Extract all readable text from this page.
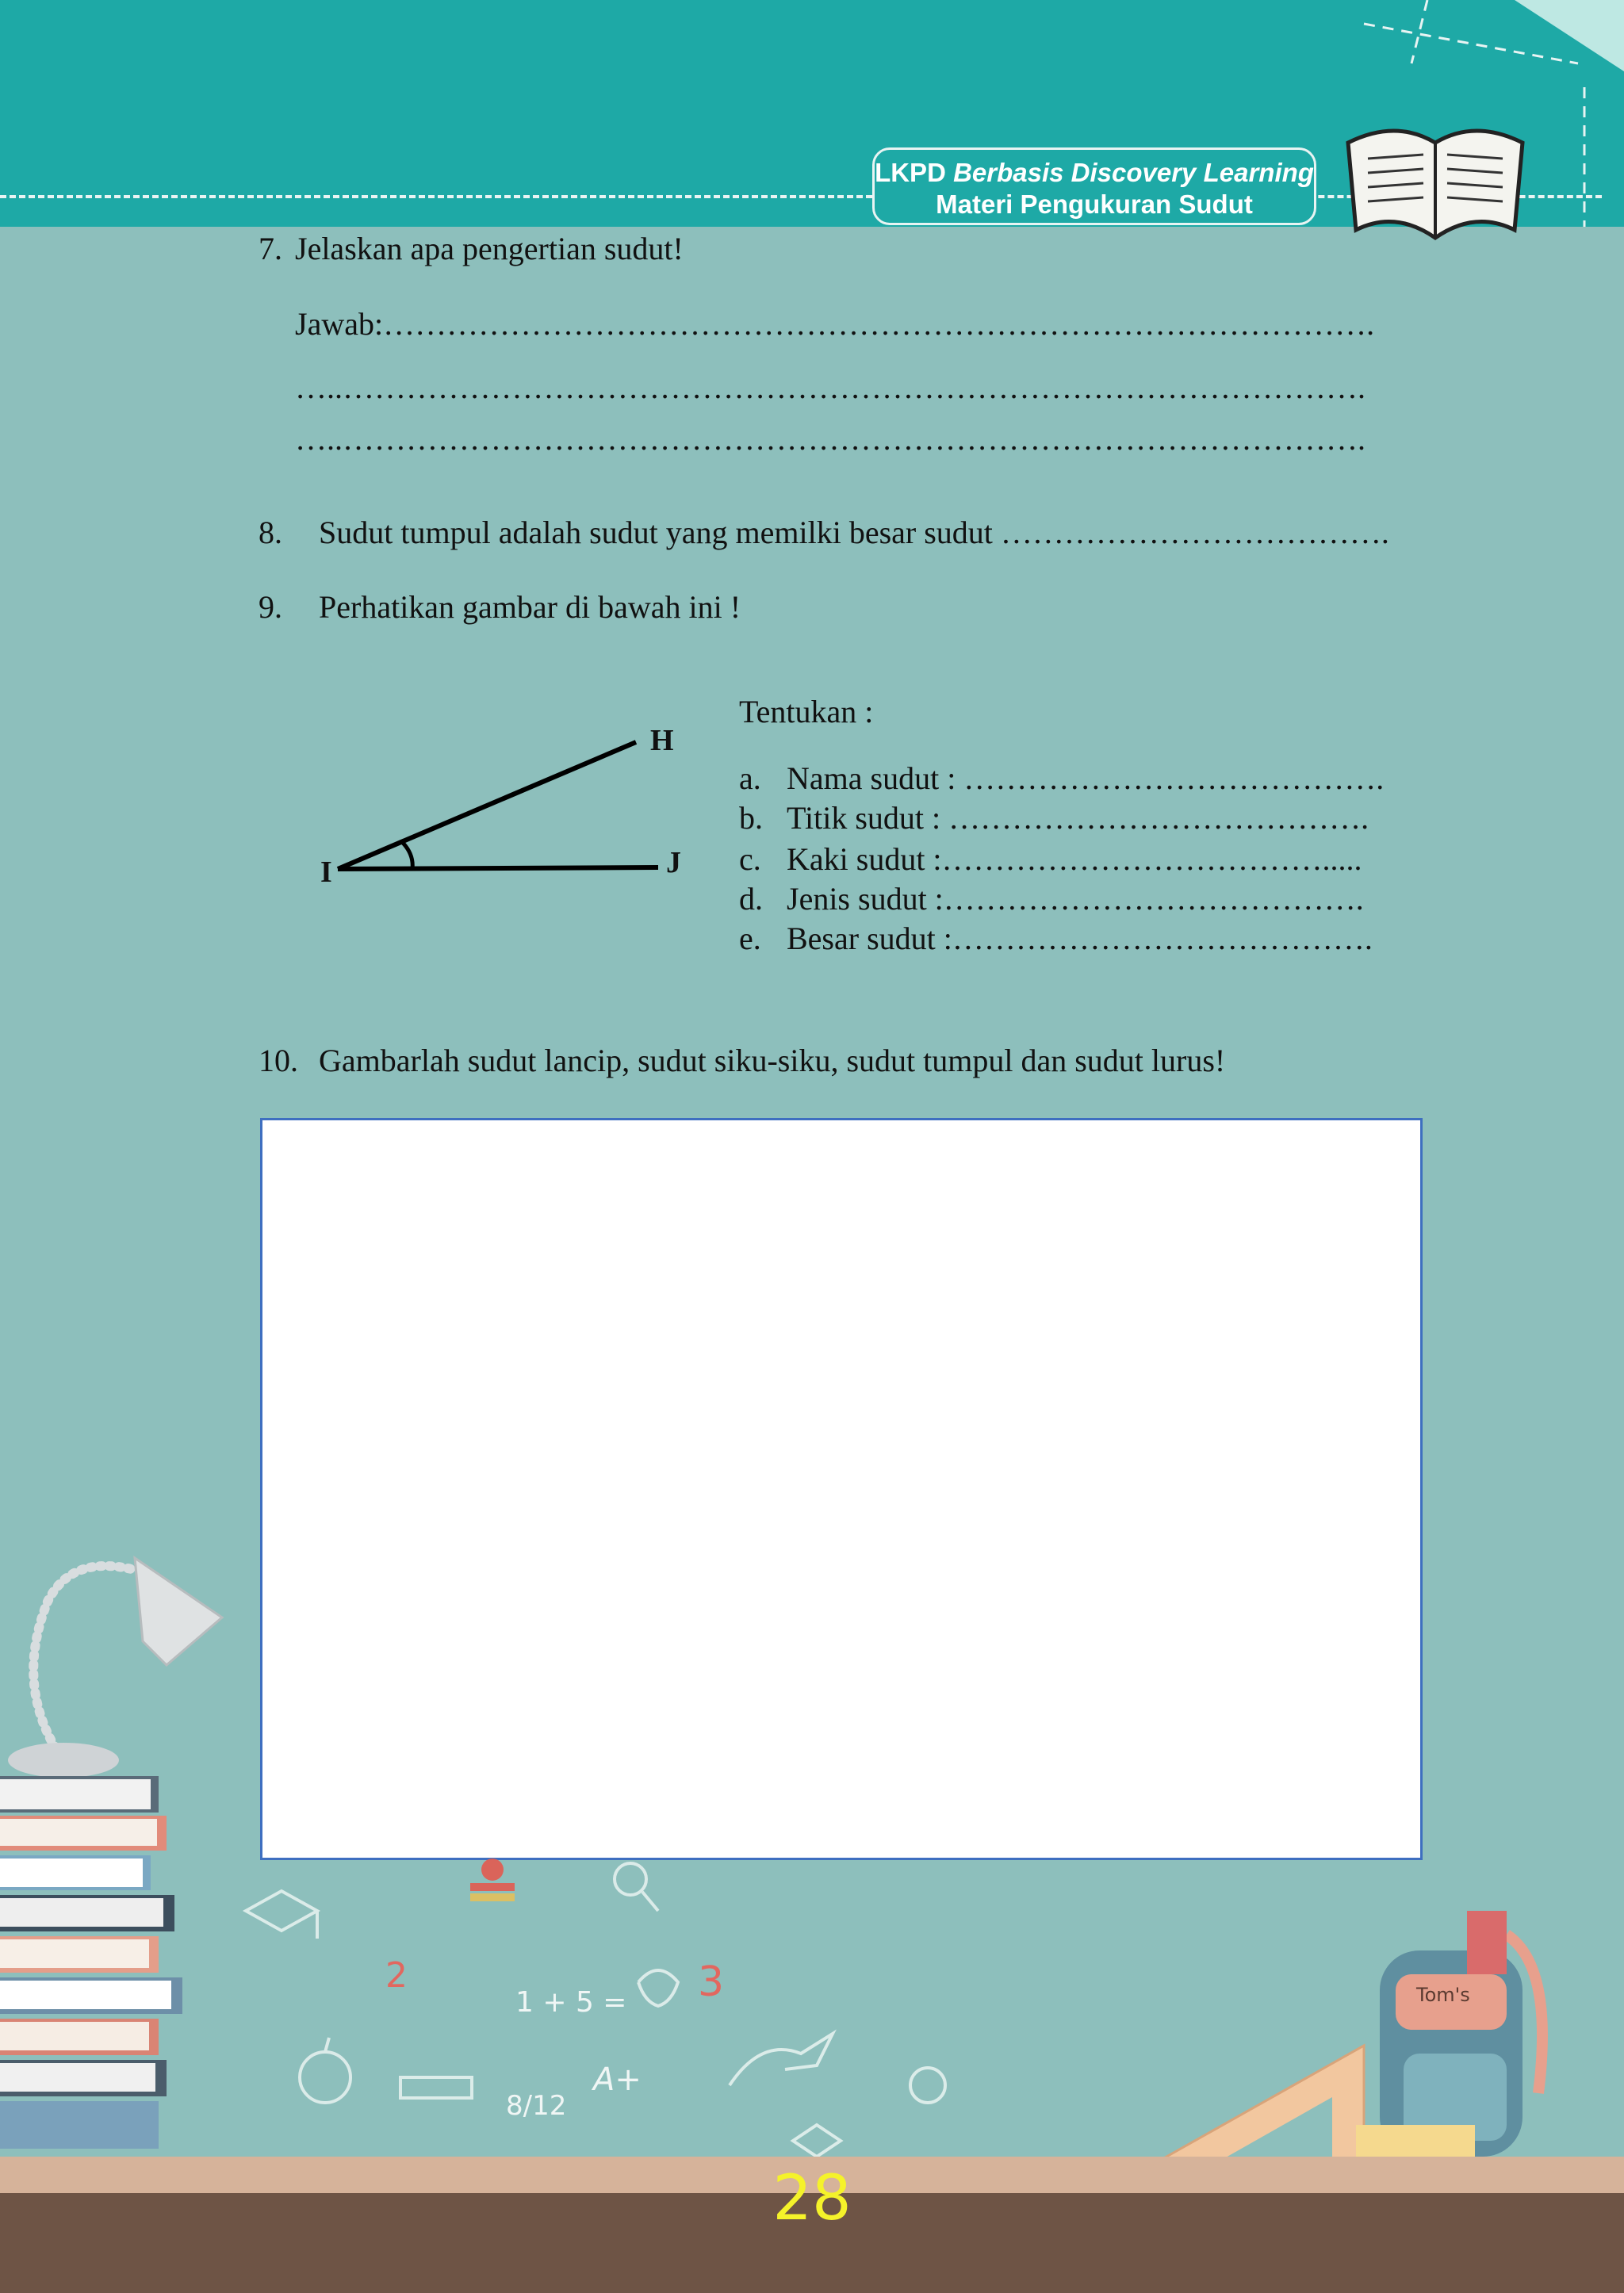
LKPD Berbasis Discovery Learning
Materi Pengukuran Sudut
7. Jelaskan apa pengertian sudut!
Jawab:………………………………………………………………………………….
…..…………………………………………………………………………………….
…..…………………………………………………………………………………….
8. Sudut tumpul adalah sudut yang memilki besar sudut ……………………………….
9. Perhatikan gambar di bawah ini !
H
I	J
Tentukan :
a. Nama sudut : ………………………………….
b. Titik sudut : ………………………………….
c. Kaki sudut :……………………………….....
d. Jenis sudut :………………………………….
e. Besar sudut :………………………………….
10. Gambarlah sudut lancip, sudut siku-siku, sudut tumpul dan sudut lurus!
2
1 + 5 = 3
8/12
A+
Tom's
28
